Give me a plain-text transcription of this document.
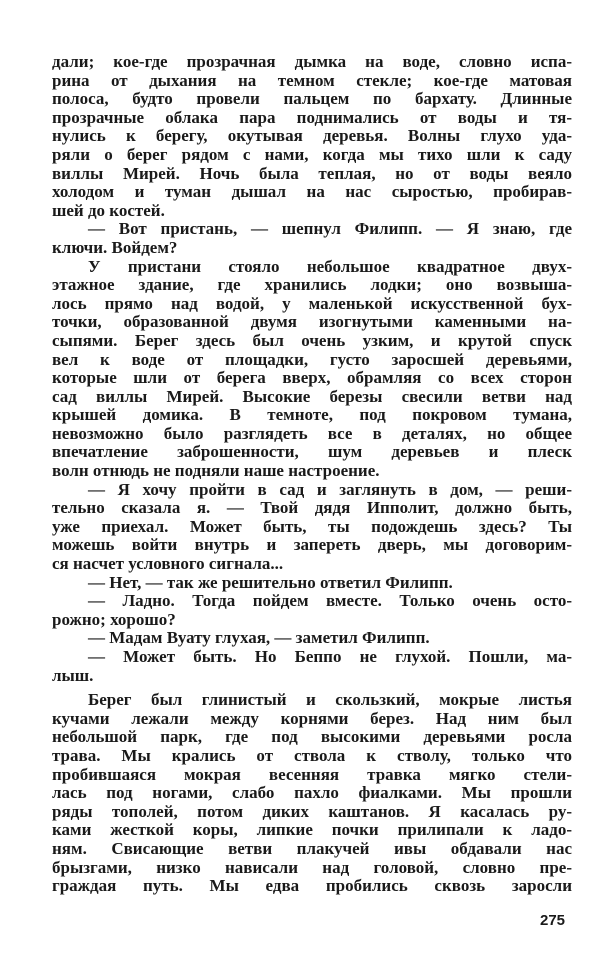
дали; кое-где прозрачная дымка на воде, словно испа-
рина от дыхания на темном стекле; кое-где матовая
полоса, будто провели пальцем по бархату. Длинные
прозрачные облака пара поднимались от воды и тя-
нулись к берегу, окутывая деревья. Волны глухо уда-
ряли о берег рядом с нами, когда мы тихо шли к саду
виллы Мирей. Ночь была теплая, но от воды веяло
холодом и туман дышал на нас сыростью, пробирав-
шей до костей.
— Вот пристань, — шепнул Филипп. — Я знаю, где
ключи. Войдем?
У пристани стояло небольшое квадратное двух-
этажное здание, где хранились лодки; оно возвыша-
лось прямо над водой, у маленькой искусственной бух-
точки, образованной двумя изогнутыми каменными на-
сыпями. Берег здесь был очень узким, и крутой спуск
вел к воде от площадки, густо заросшей деревьями,
которые шли от берега вверх, обрамляя со всех сторон
сад виллы Мирей. Высокие березы свесили ветви над
крышей домика. В темноте, под покровом тумана,
невозможно было разглядеть все в деталях, но общее
впечатление заброшенности, шум деревьев и плеск
волн отнюдь не подняли наше настроение.
— Я хочу пройти в сад и заглянуть в дом, — реши-
тельно сказала я. — Твой дядя Ипполит, должно быть,
уже приехал. Может быть, ты подождешь здесь? Ты
можешь войти внутрь и запереть дверь, мы договорим-
ся насчет условного сигнала...
— Нет, — так же решительно ответил Филипп.
— Ладно. Тогда пойдем вместе. Только очень осто-
рожно; хорошо?
— Мадам Вуату глухая, — заметил Филипп.
— Может быть. Но Беппо не глухой. Пошли, ма-
лыш.
Берег был глинистый и скользкий, мокрые листья
кучами лежали между корнями берез. Над ним был
небольшой парк, где под высокими деревьями росла
трава. Мы крались от ствола к стволу, только что
пробившаяся мокрая весенняя травка мягко стели-
лась под ногами, слабо пахло фиалками. Мы прошли
ряды тополей, потом диких каштанов. Я касалась ру-
ками жесткой коры, липкие почки прилипали к ладо-
ням. Свисающие ветви плакучей ивы обдавали нас
брызгами, низко нависали над головой, словно пре-
граждая путь. Мы едва пробились сквозь заросли
275
